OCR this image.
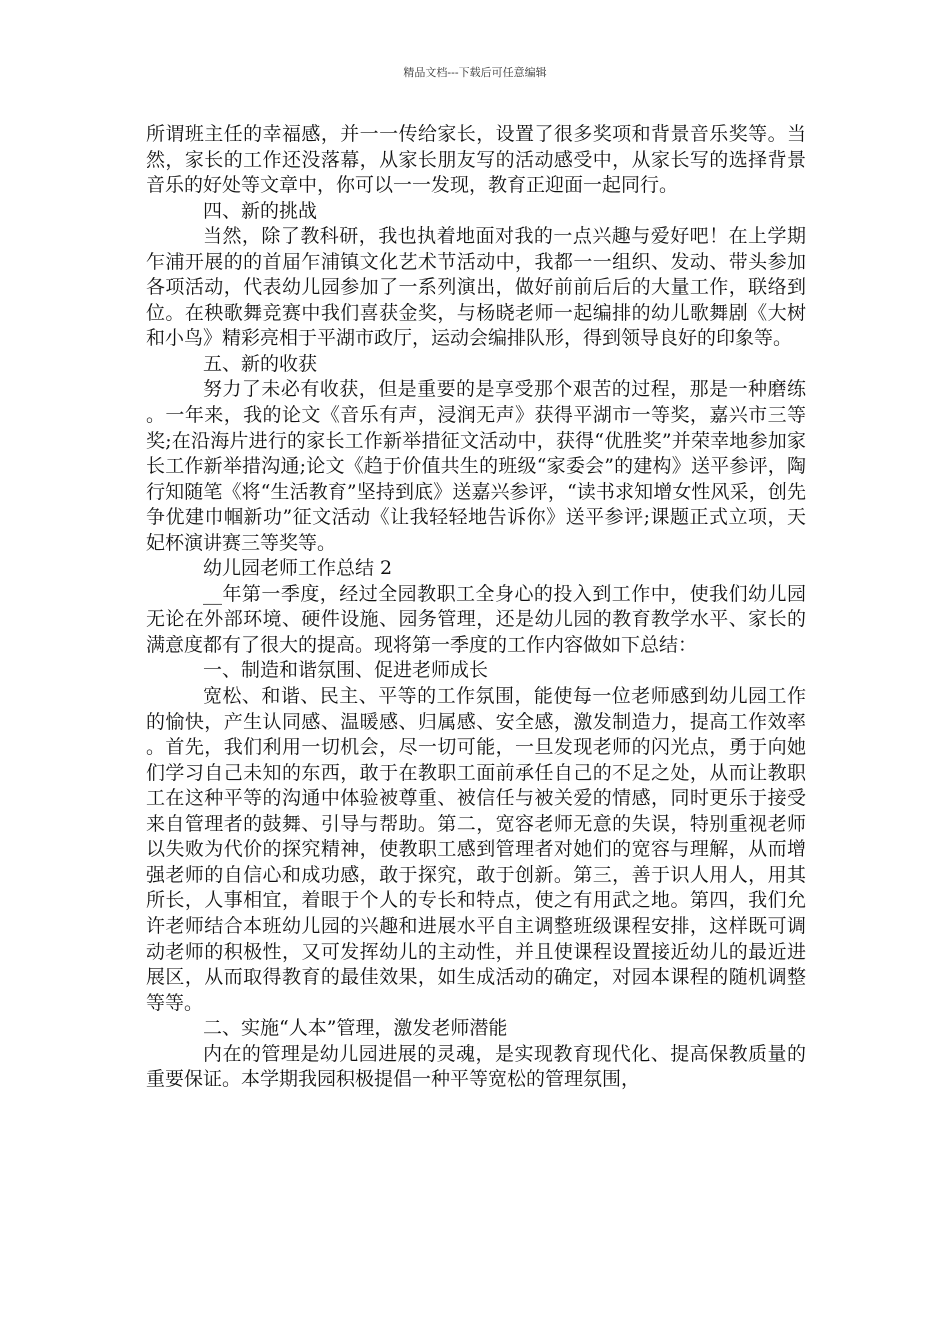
精品文档---下载后可任意编辑

所谓班主任的幸福感，并一一传给家长，设置了很多奖项和背景音乐奖等。当然，家长的工作还没落幕，从家长朋友写的活动感受中，从家长写的选择背景音乐的好处等文章中，你可以一一发现，教育正迎面一起同行。

四、新的挑战

当然，除了教科研，我也执着地面对我的一点兴趣与爱好吧！在上学期乍浦开展的的首届乍浦镇文化艺术节活动中，我都一一组织、发动、带头参加各项活动，代表幼儿园参加了一系列演出，做好前前后后的大量工作，联络到位。在秧歌舞竞赛中我们喜获金奖，与杨晓老师一起编排的幼儿歌舞剧《大树和小鸟》精彩亮相于平湖市政厅，运动会编排队形，得到领导良好的印象等。

五、新的收获

努力了未必有收获，但是重要的是享受那个艰苦的过程，那是一种磨练。一年来，我的论文《音乐有声，浸润无声》获得平湖市一等奖，嘉兴市三等奖;在沿海片进行的家长工作新举措征文活动中，获得“优胜奖”并荣幸地参加家长工作新举措沟通;论文《趋于价值共生的班级“家委会”的建构》送平参评，陶行知随笔《将“生活教育”坚持到底》送嘉兴参评，“读书求知增女性风采，创先争优建巾帼新功”征文活动《让我轻轻地告诉你》送平参评;课题正式立项，天妃杯演讲赛三等奖等。

幼儿园老师工作总结 2

__年第一季度，经过全园教职工全身心的投入到工作中，使我们幼儿园无论在外部环境、硬件设施、园务管理，还是幼儿园的教育教学水平、家长的满意度都有了很大的提高。现将第一季度的工作内容做如下总结：

一、制造和谐氛围、促进老师成长

宽松、和谐、民主、平等的工作氛围，能使每一位老师感到幼儿园工作的愉快，产生认同感、温暖感、归属感、安全感，激发制造力，提高工作效率。首先，我们利用一切机会，尽一切可能，一旦发现老师的闪光点，勇于向她们学习自己未知的东西，敢于在教职工面前承任自己的不足之处，从而让教职工在这种平等的沟通中体验被尊重、被信任与被关爱的情感，同时更乐于接受来自管理者的鼓舞、引导与帮助。第二，宽容老师无意的失误，特别重视老师以失败为代价的探究精神，使教职工感到管理者对她们的宽容与理解，从而增强老师的自信心和成功感，敢于探究，敢于创新。第三，善于识人用人，用其所长，人事相宜，着眼于个人的专长和特点，使之有用武之地。第四，我们允许老师结合本班幼儿园的兴趣和进展水平自主调整班级课程安排，这样既可调动老师的积极性，又可发挥幼儿的主动性，并且使课程设置接近幼儿的最近进展区，从而取得教育的最佳效果，如生成活动的确定，对园本课程的随机调整等等。

二、实施“人本”管理，激发老师潜能

内在的管理是幼儿园进展的灵魂，是实现教育现代化、提高保教质量的重要保证。本学期我园积极提倡一种平等宽松的管理氛围，
